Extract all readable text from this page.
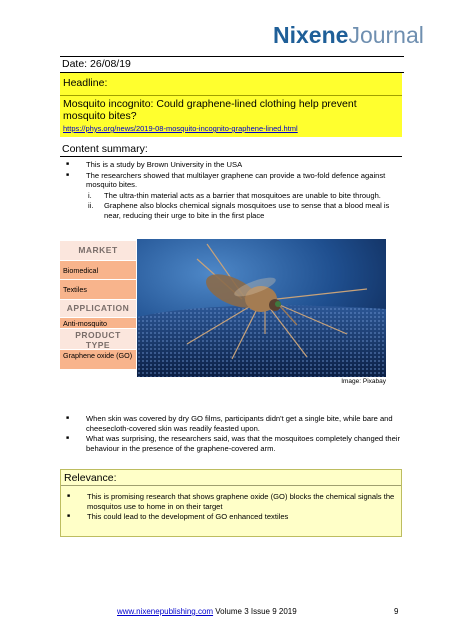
NixeneJournal
Date: 26/08/19
Headline:
Mosquito incognito: Could graphene-lined clothing help prevent mosquito bites?
https://phys.org/news/2019-08-mosquito-incognito-graphene-lined.html
Content summary:
■ This is a study by Brown University in the USA
■ The researchers showed that multilayer graphene can provide a two-fold defence against mosquito bites.
i. The ultra-thin material acts as a barrier that mosquitoes are unable to bite through.
ii. Graphene also blocks chemical signals mosquitoes use to sense that a blood meal is near, reducing their urge to bite in the first place
MARKET
Biomedical
Textiles
APPLICATION
Anti-mosquito
PRODUCT
TYPE
Graphene oxide (GO)
Image: Pixabay
■ When skin was covered by dry GO films, participants didn't get a single bite, while bare and cheesecloth-covered skin was readily feasted upon.
■ What was surprising, the researchers said, was that the mosquitoes completely changed their behaviour in the presence of the graphene-covered arm.
Relevance:
■ This is promising research that shows graphene oxide (GO) blocks the chemical signals the mosquitos use to home in on their target
■ This could lead to the development of GO enhanced textiles
www.nixenepublishing.com Volume 3 Issue 9 2019	9
